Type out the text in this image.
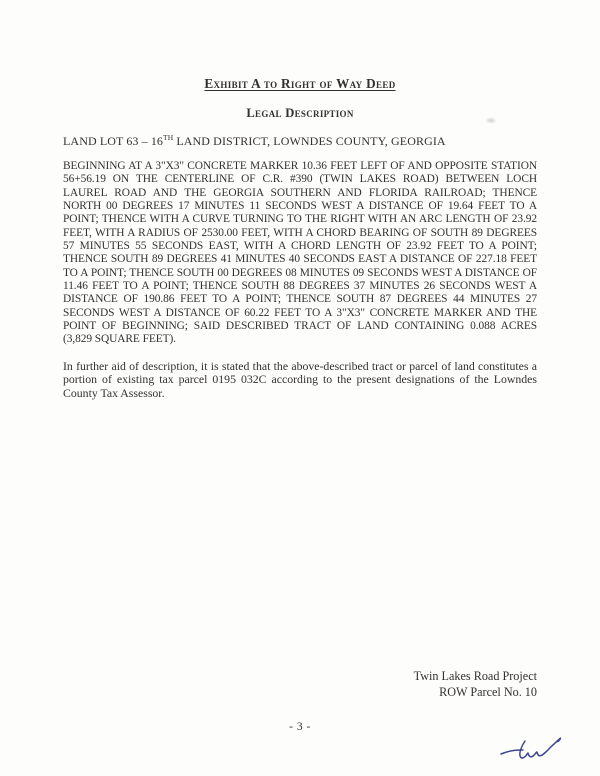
Exhibit A to Right of Way Deed
Legal Description
LAND LOT 63 – 16TH LAND DISTRICT, LOWNDES COUNTY, GEORGIA
BEGINNING AT A 3"X3" CONCRETE MARKER 10.36 FEET LEFT OF AND OPPOSITE STATION 56+56.19 ON THE CENTERLINE OF C.R. #390 (TWIN LAKES ROAD) BETWEEN LOCH LAUREL ROAD AND THE GEORGIA SOUTHERN AND FLORIDA RAILROAD; THENCE NORTH 00 DEGREES 17 MINUTES 11 SECONDS WEST A DISTANCE OF 19.64 FEET TO A POINT; THENCE WITH A CURVE TURNING TO THE RIGHT WITH AN ARC LENGTH OF 23.92 FEET, WITH A RADIUS OF 2530.00 FEET, WITH A CHORD BEARING OF SOUTH 89 DEGREES 57 MINUTES 55 SECONDS EAST, WITH A CHORD LENGTH OF 23.92 FEET TO A POINT; THENCE SOUTH 89 DEGREES 41 MINUTES 40 SECONDS EAST A DISTANCE OF 227.18 FEET TO A POINT; THENCE SOUTH 00 DEGREES 08 MINUTES 09 SECONDS WEST A DISTANCE OF 11.46 FEET TO A POINT; THENCE SOUTH 88 DEGREES 37 MINUTES 26 SECONDS WEST A DISTANCE OF 190.86 FEET TO A POINT; THENCE SOUTH 87 DEGREES 44 MINUTES 27 SECONDS WEST A DISTANCE OF 60.22 FEET TO A 3"X3" CONCRETE MARKER AND THE POINT OF BEGINNING; SAID DESCRIBED TRACT OF LAND CONTAINING 0.088 ACRES (3,829 SQUARE FEET).
In further aid of description, it is stated that the above-described tract or parcel of land constitutes a portion of existing tax parcel 0195 032C according to the present designations of the Lowndes County Tax Assessor.
Twin Lakes Road Project
ROW Parcel No. 10
- 3 -
